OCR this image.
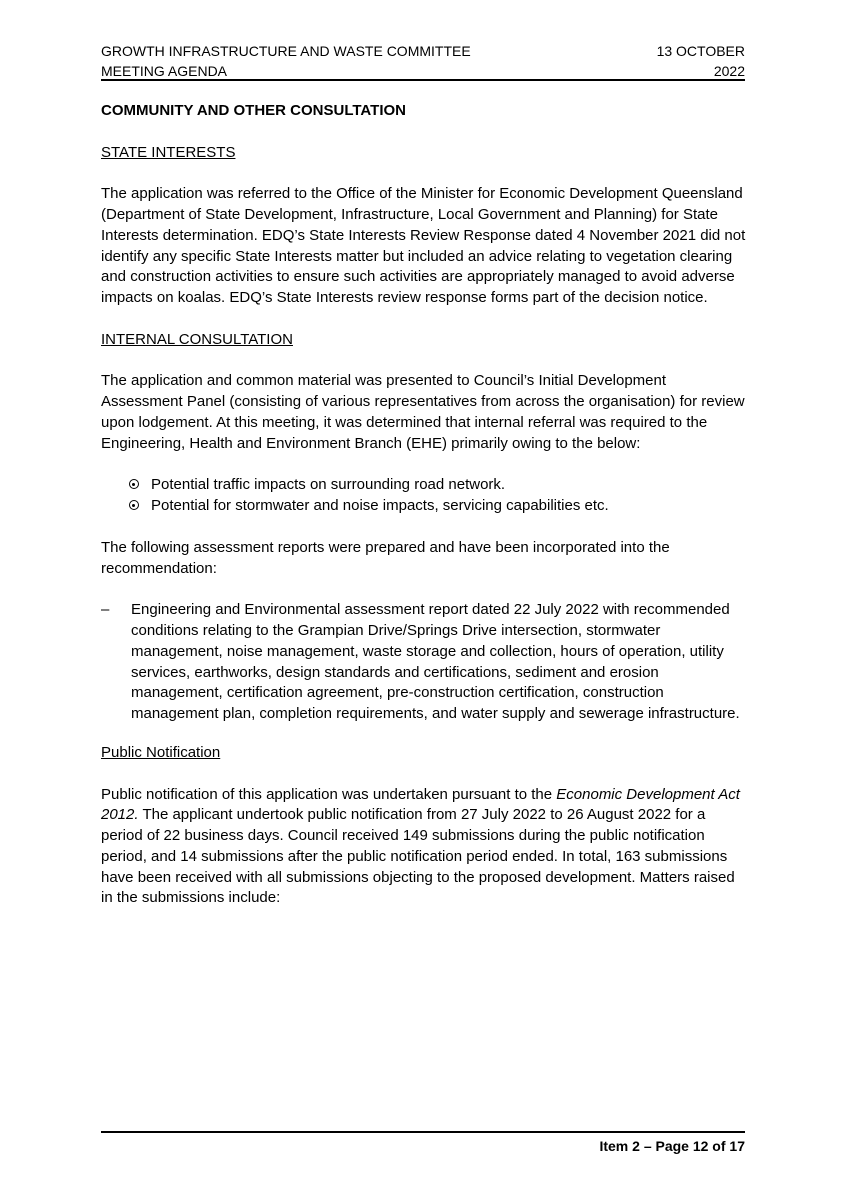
GROWTH INFRASTRUCTURE AND WASTE COMMITTEE
MEETING AGENDA
13 OCTOBER
2022

COMMUNITY AND OTHER CONSULTATION

STATE INTERESTS

The application was referred to the Office of the Minister for Economic Development Queensland (Department of State Development, Infrastructure, Local Government and Planning) for State Interests determination. EDQ’s State Interests Review Response dated 4 November 2021 did not identify any specific State Interests matter but included an advice relating to vegetation clearing and construction activities to ensure such activities are appropriately managed to avoid adverse impacts on koalas. EDQ’s State Interests review response forms part of the decision notice.

INTERNAL CONSULTATION

The application and common material was presented to Council’s Initial Development Assessment Panel (consisting of various representatives from across the organisation) for review upon lodgement. At this meeting, it was determined that internal referral was required to the Engineering, Health and Environment Branch (EHE) primarily owing to the below:

Potential traffic impacts on surrounding road network.
Potential for stormwater and noise impacts, servicing capabilities etc.

The following assessment reports were prepared and have been incorporated into the recommendation:

–	Engineering and Environmental assessment report dated 22 July 2022 with recommended conditions relating to the Grampian Drive/Springs Drive intersection, stormwater management, noise management, waste storage and collection, hours of operation, utility services, earthworks, design standards and certifications, sediment and erosion management, certification agreement, pre-construction certification, construction management plan, completion requirements, and water supply and sewerage infrastructure.

Public Notification

Public notification of this application was undertaken pursuant to the Economic Development Act 2012. The applicant undertook public notification from 27 July 2022 to 26 August 2022 for a period of 22 business days. Council received 149 submissions during the public notification period, and 14 submissions after the public notification period ended. In total, 163 submissions have been received with all submissions objecting to the proposed development. Matters raised in the submissions include:

Item 2 – Page 12 of 17
